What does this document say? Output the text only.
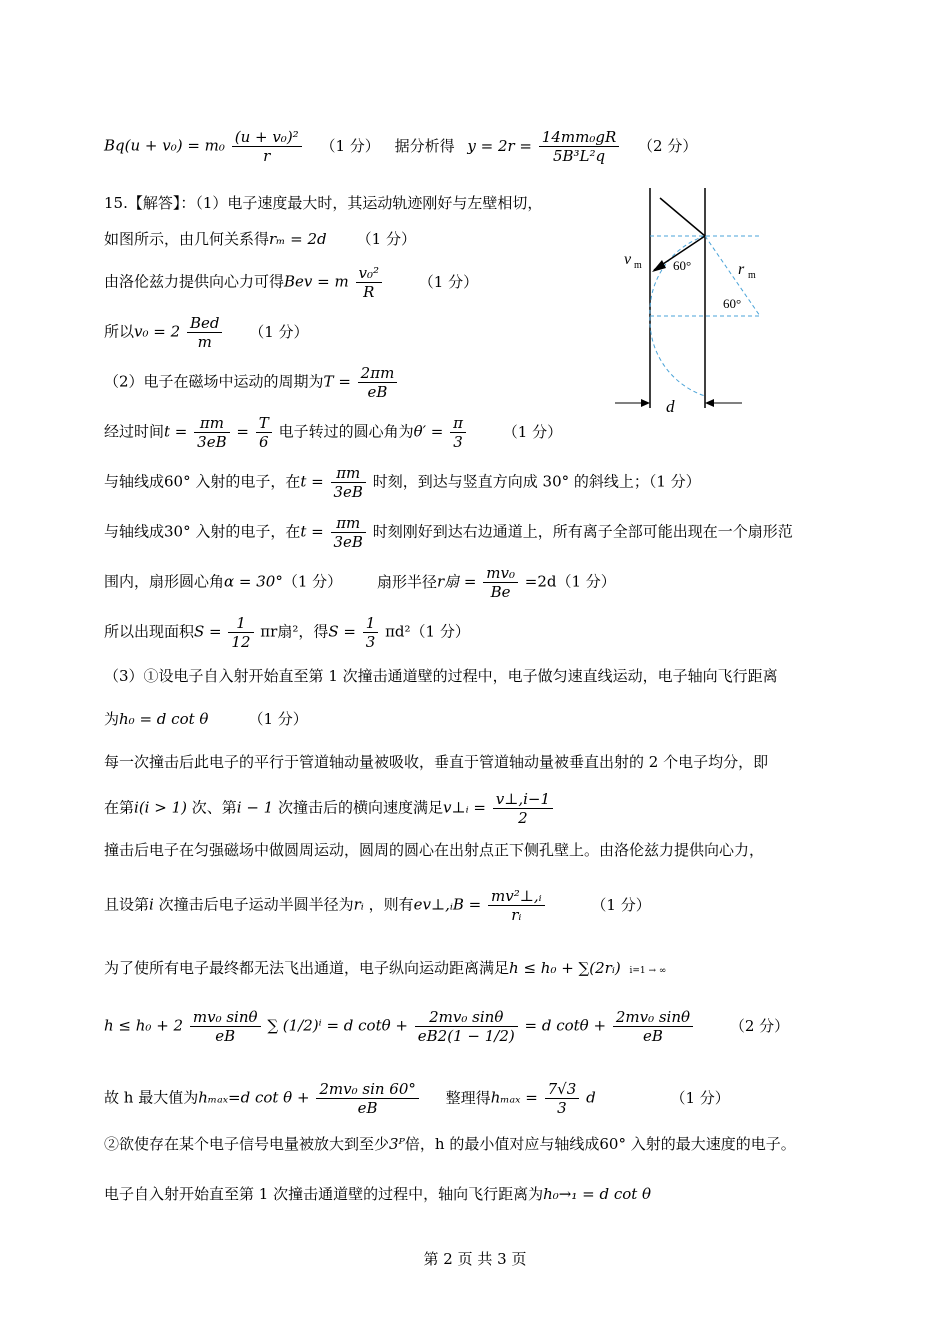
$Bq(u + v_0) = m_0 \frac{\text{(u + v₀)²}}{r} (1$ 分） 据分析得 $y = 2r = \frac{\text{14mm₀gR}}{\text{5B³L²q}} (2$ 分）
15.【解答】：（1）电子速度最大时，其运动轨迹刚好与左壁相切，
如图所示，由几何关系得rₘ = 2d （1 分）
由洛伦兹力提供向心力可得Bev = m $\frac{\text{v₀²}}{R} (1$ 分）
所以$v_0 = 2 \frac{\text{Bed}}{m} (1$ 分）
（2）电子在磁场中运动的周期为$T = \frac{2\pi m}{eB}$
经过时间$t = \frac{\pi m}{3eB} = \frac{T}{6}$ 电子转过的圆心角为$\theta' = \frac{\pi}{3} (1$ 分）
与轴线成60° 入射的电子，在$t = \frac{\pi m}{3eB}$ 时刻，到达与竖直方向成 30° 的斜线上；（1 分）
与轴线成30° 入射的电子，在$t = \frac{\pi m}{3eB}$ 时刻刚好到达右边通道上，所有离子全部可能出现在一个扇形范
围内，扇形圆心角α = 30°（1 分） 扇形半径r扇 = $\frac{\text{mv₀}}{Be} =2d(1$ 分）
所以出现面积$S = \frac{1}{12}$ πr扇²，得$S = \frac{1}{3} \pi d^2(1$ 分）
（3）①设电子自入射开始直至第 1 次撞击通道壁的过程中，电子做匀速直线运动，电子轴向飞行距离
为h₀ = d cot θ	（1 分）
每一次撞击后此电子的平行于管道轴动量被吸收，垂直于管道轴动量被垂直出射的 2 个电子均分，即
在第i(i > 1) 次、第i − 1 次撞击后的横向速度满足v⊥ᵢ = $\frac{v\perp,i-1}{2}$
撞击后电子在匀强磁场中做圆周运动，圆周的圆心在出射点正下侧孔壁上。由洛伦兹力提供向心力，
且设第i 次撞击后电子运动半圆半径为rᵢ ，则有ev⊥,ᵢB = $\frac{\text{mv²⊥,ᵢ}}{\text{rᵢ}}$	（1 分）
为了使所有电子最终都无法飞出通道，电子纵向运动距离满足h ≤ h₀ + ∑(2rᵢ) i=1 → ∞
$h \le h_0 + 2 \frac{\text{mv₀ sinθ}}{eB}$ ∑ (1/2)ⁱ = d $\cot\theta + \frac{\text{2mv₀ sinθ}}{eB2(1 - 1/2)} = d$ $\cot\theta + \frac{\text{2mv₀ sinθ}}{eB} (2$ 分）
故 h 最大值为hₘₐₓ=d $\cot \theta + \frac{\text{2mv₀ sin 60°}}{eB}$ 整理得$h_{max} = \frac{7√3}{3}$ d	（1 分）
②欲使存在某个电子信号电量被放大到至少3ᴾ倍，h 的最小值对应与轴线成60° 入射的最大速度的电子。
电子自入射开始直至第 1 次撞击通道壁的过程中，轴向飞行距离为h₀→₁ = d cot θ
v m 60°	r m
60°
d
第 2 页 共 3 页
